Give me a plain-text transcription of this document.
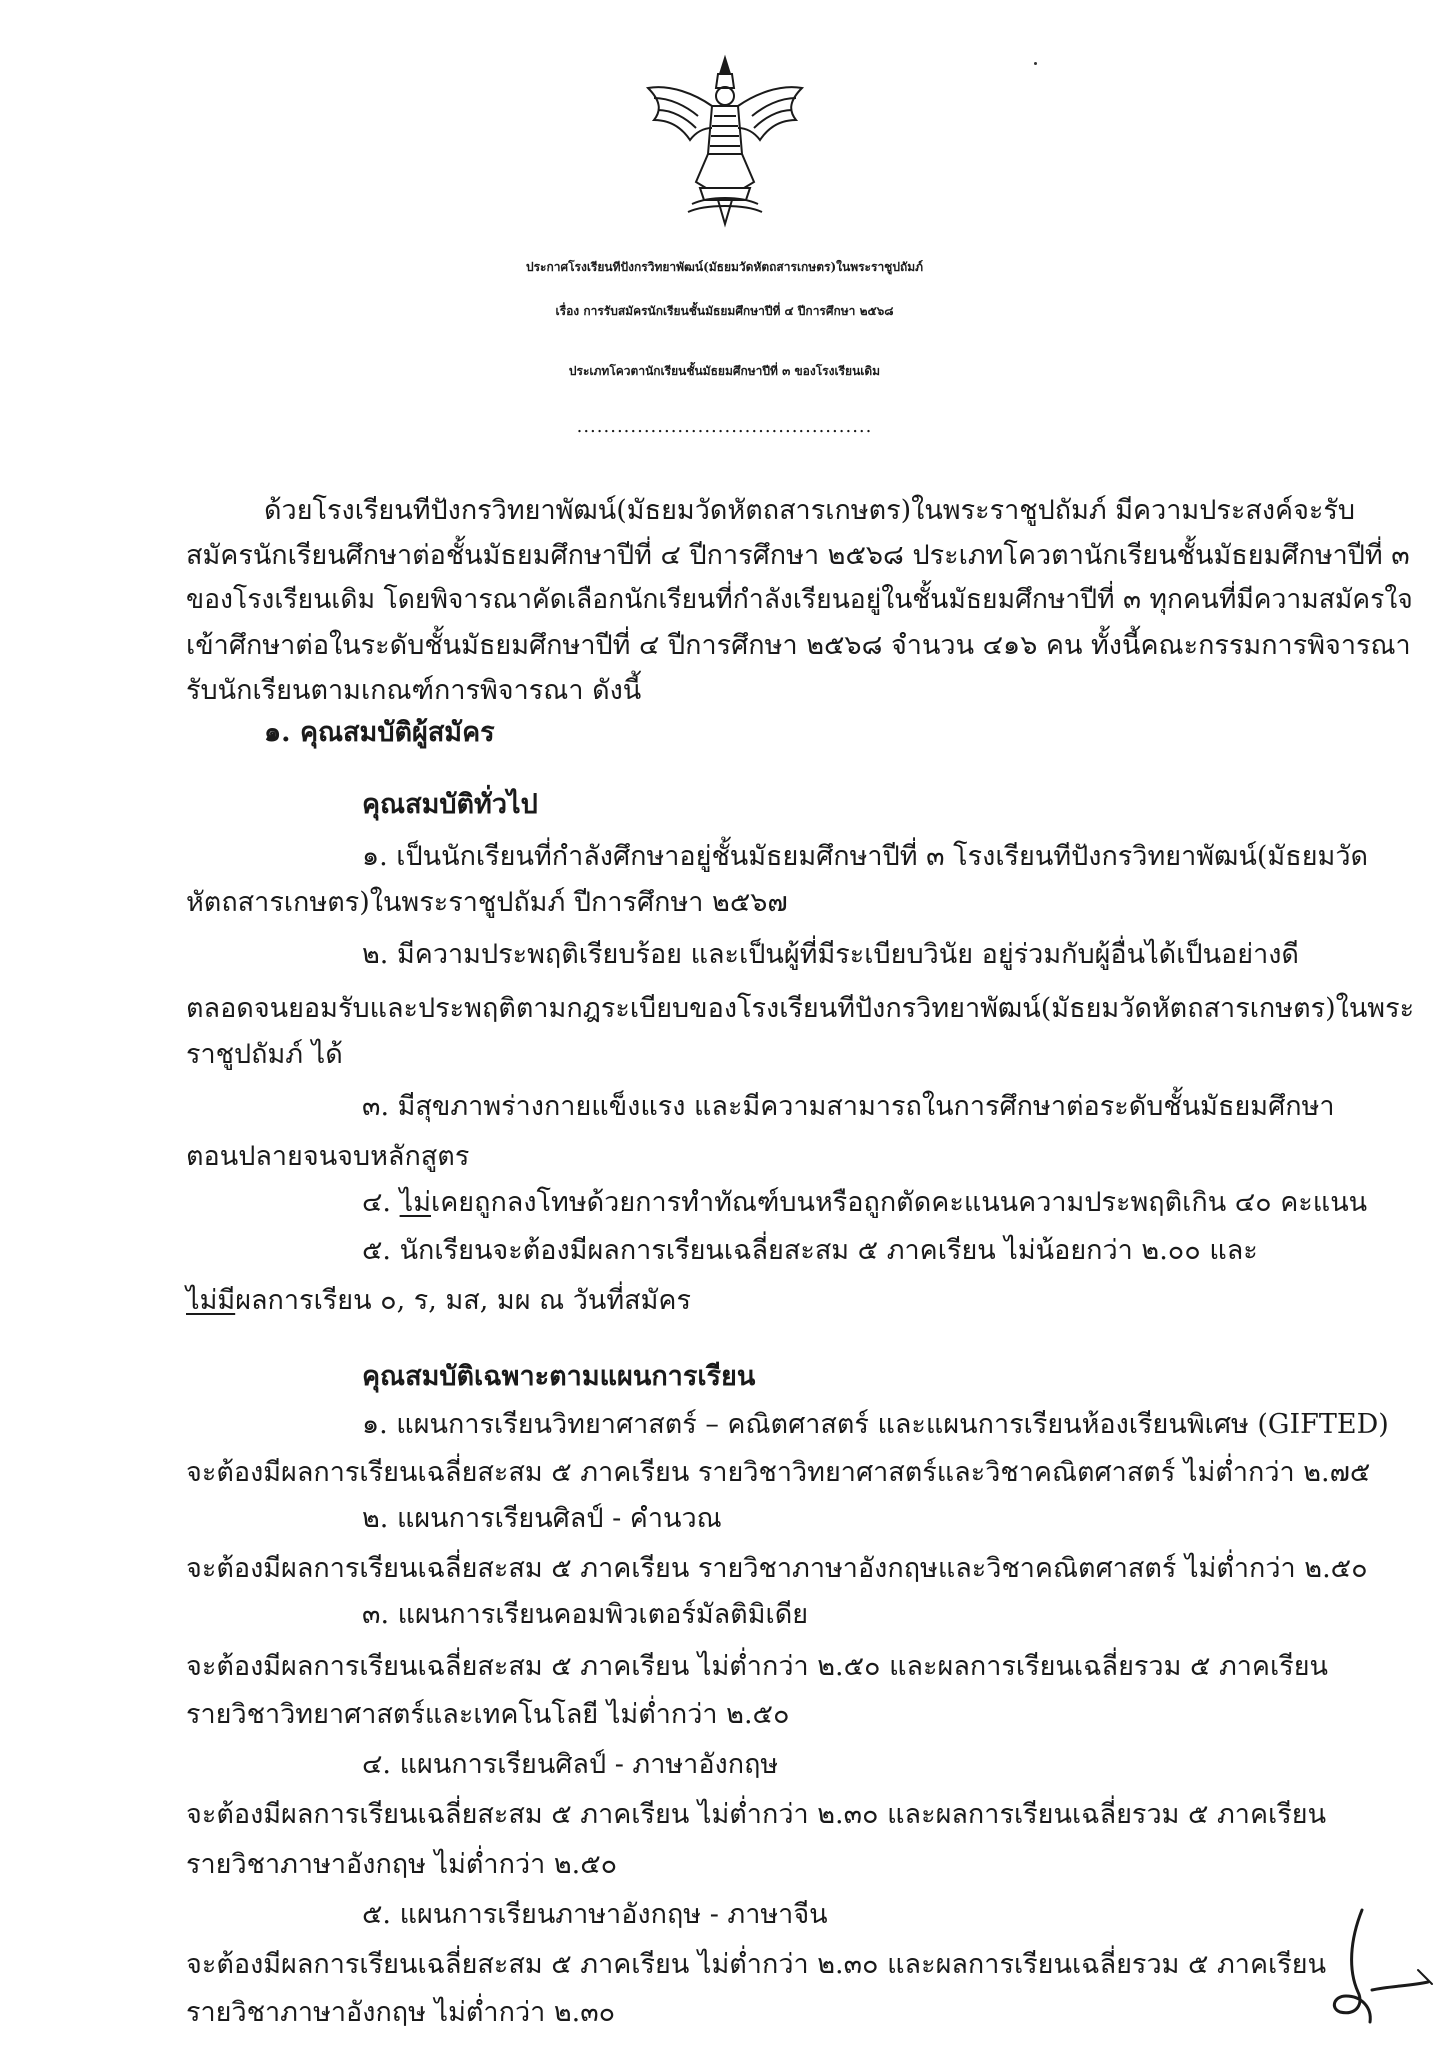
ประกาศโรงเรียนทีปังกรวิทยาพัฒน์(มัธยมวัดหัตถสารเกษตร)ในพระราชูปถัมภ์
เรื่อง การรับสมัครนักเรียนชั้นมัธยมศึกษาปีที่ ๔ ปีการศึกษา ๒๕๖๘
ประเภทโควตานักเรียนชั้นมัธยมศึกษาปีที่ ๓ ของโรงเรียนเดิม
............................................
ด้วยโรงเรียนทีปังกรวิทยาพัฒน์(มัธยมวัดหัตถสารเกษตร)ในพระราชูปถัมภ์ มีความประสงค์จะรับ
สมัครนักเรียนศึกษาต่อชั้นมัธยมศึกษาปีที่ ๔ ปีการศึกษา ๒๕๖๘ ประเภทโควตานักเรียนชั้นมัธยมศึกษาปีที่ ๓
ของโรงเรียนเดิม โดยพิจารณาคัดเลือกนักเรียนที่กำลังเรียนอยู่ในชั้นมัธยมศึกษาปีที่ ๓ ทุกคนที่มีความสมัครใจ
เข้าศึกษาต่อในระดับชั้นมัธยมศึกษาปีที่ ๔ ปีการศึกษา ๒๕๖๘ จำนวน ๔๑๖ คน ทั้งนี้คณะกรรมการพิจารณา
รับนักเรียนตามเกณฑ์การพิจารณา ดังนี้
๑. คุณสมบัติผู้สมัคร
คุณสมบัติทั่วไป
๑. เป็นนักเรียนที่กำลังศึกษาอยู่ชั้นมัธยมศึกษาปีที่ ๓ โรงเรียนทีปังกรวิทยาพัฒน์(มัธยมวัด
หัตถสารเกษตร)ในพระราชูปถัมภ์ ปีการศึกษา ๒๕๖๗
๒. มีความประพฤติเรียบร้อย และเป็นผู้ที่มีระเบียบวินัย อยู่ร่วมกับผู้อื่นได้เป็นอย่างดี
ตลอดจนยอมรับและประพฤติตามกฎระเบียบของโรงเรียนทีปังกรวิทยาพัฒน์(มัธยมวัดหัตถสารเกษตร)ในพระ
ราชูปถัมภ์ ได้
๓. มีสุขภาพร่างกายแข็งแรง และมีความสามารถในการศึกษาต่อระดับชั้นมัธยมศึกษา
ตอนปลายจนจบหลักสูตร
๔. ไม่เคยถูกลงโทษด้วยการทำทัณฑ์บนหรือถูกตัดคะแนนความประพฤติเกิน ๔๐ คะแนน
๕. นักเรียนจะต้องมีผลการเรียนเฉลี่ยสะสม ๕ ภาคเรียน ไม่น้อยกว่า ๒.๐๐ และ
ไม่มีผลการเรียน ๐, ร, มส, มผ ณ วันที่สมัคร
คุณสมบัติเฉพาะตามแผนการเรียน
๑. แผนการเรียนวิทยาศาสตร์ – คณิตศาสตร์ และแผนการเรียนห้องเรียนพิเศษ (GIFTED)
จะต้องมีผลการเรียนเฉลี่ยสะสม ๕ ภาคเรียน รายวิชาวิทยาศาสตร์และวิชาคณิตศาสตร์ ไม่ต่ำกว่า ๒.๗๕
๒. แผนการเรียนศิลป์ - คำนวณ
จะต้องมีผลการเรียนเฉลี่ยสะสม ๕ ภาคเรียน รายวิชาภาษาอังกฤษและวิชาคณิตศาสตร์ ไม่ต่ำกว่า ๒.๕๐
๓. แผนการเรียนคอมพิวเตอร์มัลติมิเดีย
จะต้องมีผลการเรียนเฉลี่ยสะสม ๕ ภาคเรียน ไม่ต่ำกว่า ๒.๕๐ และผลการเรียนเฉลี่ยรวม ๕ ภาคเรียน
รายวิชาวิทยาศาสตร์และเทคโนโลยี ไม่ต่ำกว่า ๒.๕๐
๔. แผนการเรียนศิลป์ - ภาษาอังกฤษ
จะต้องมีผลการเรียนเฉลี่ยสะสม ๕ ภาคเรียน ไม่ต่ำกว่า ๒.๓๐ และผลการเรียนเฉลี่ยรวม ๕ ภาคเรียน
รายวิชาภาษาอังกฤษ ไม่ต่ำกว่า ๒.๕๐
๕. แผนการเรียนภาษาอังกฤษ - ภาษาจีน
จะต้องมีผลการเรียนเฉลี่ยสะสม ๕ ภาคเรียน ไม่ต่ำกว่า ๒.๓๐ และผลการเรียนเฉลี่ยรวม ๕ ภาคเรียน
รายวิชาภาษาอังกฤษ ไม่ต่ำกว่า ๒.๓๐
